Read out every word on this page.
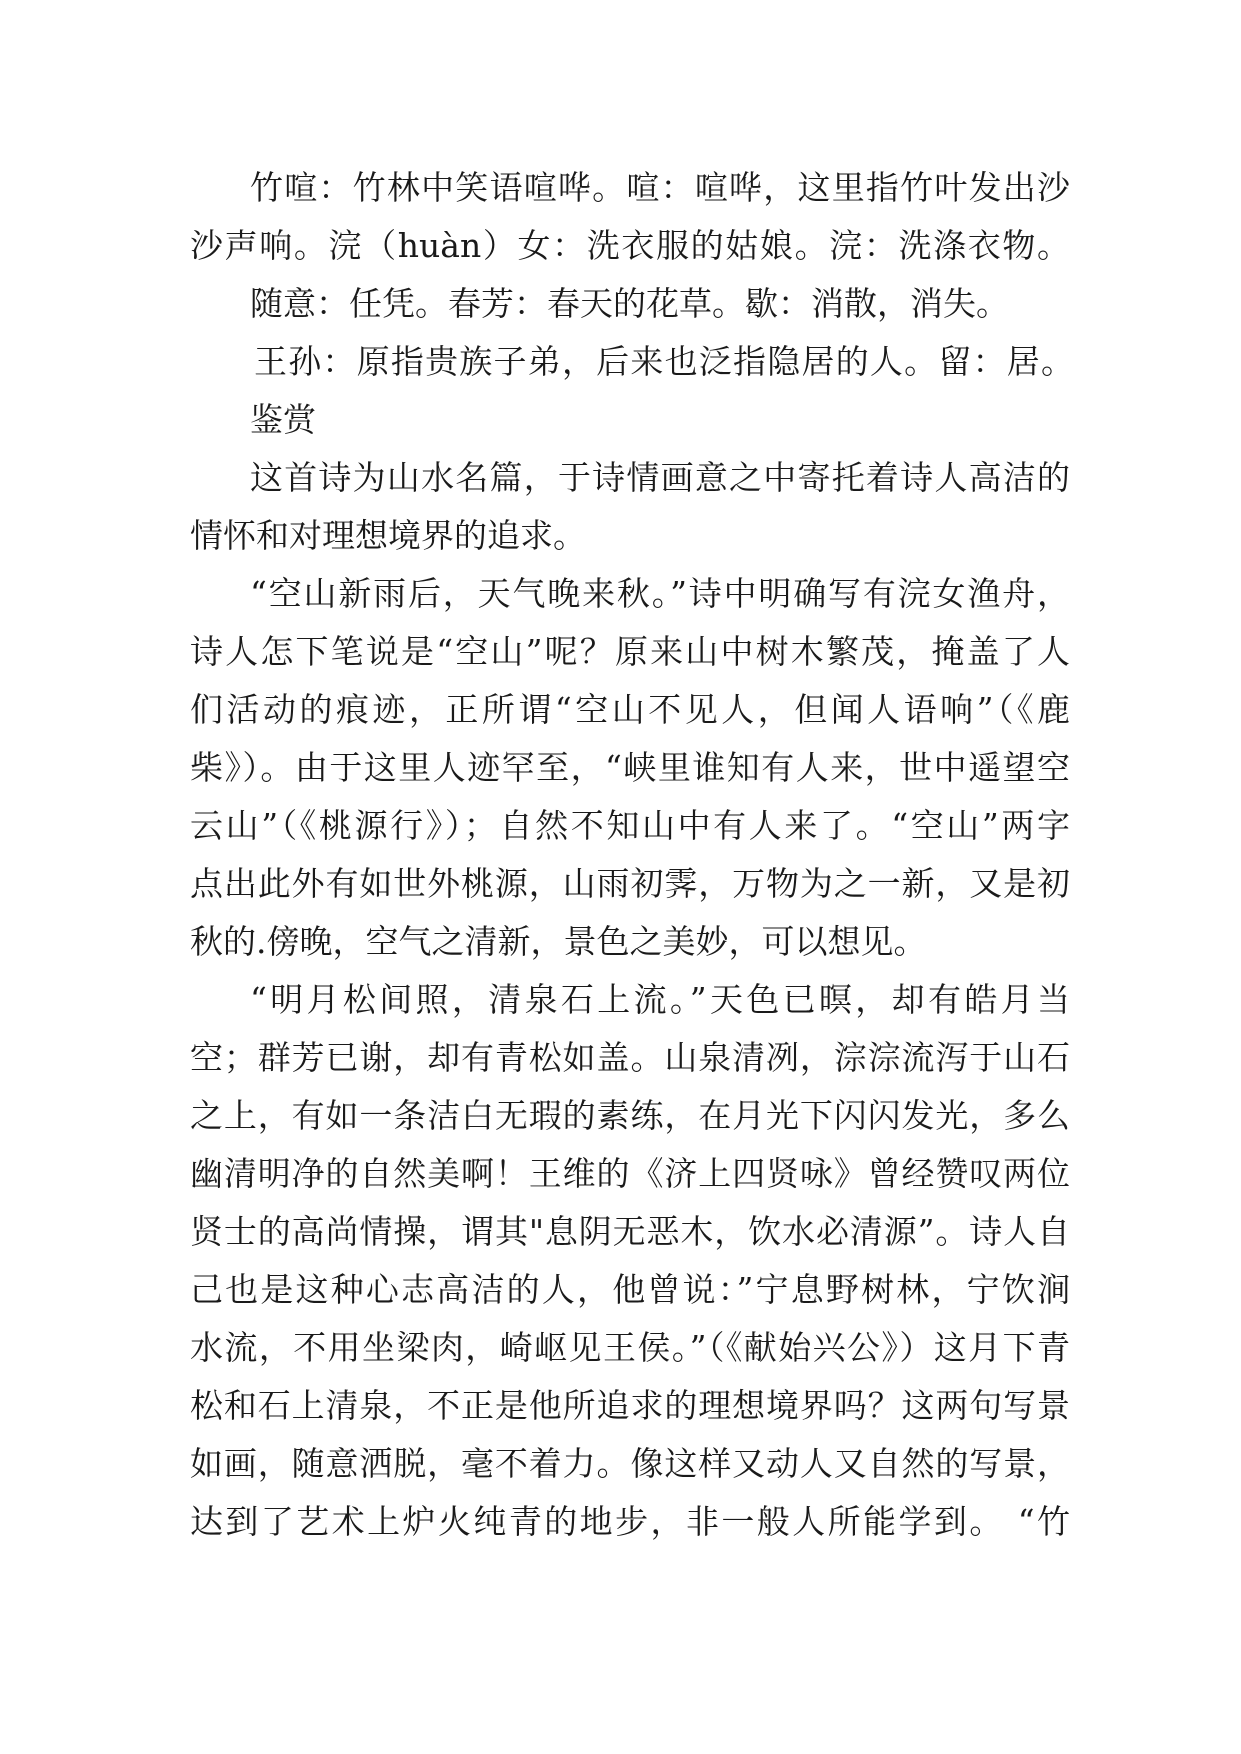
竹喧：竹林中笑语喧哗。喧：喧哗，这里指竹叶发出沙
沙声响。浣（huàn）女：洗衣服的姑娘。浣：洗涤衣物。
随意：任凭。春芳：春天的花草。歇：消散，消失。
王孙：原指贵族子弟，后来也泛指隐居的人。留：居。
鉴赏
这首诗为山水名篇，于诗情画意之中寄托着诗人高洁的
情怀和对理想境界的追求。
“空山新雨后，天气晚来秋。”诗中明确写有浣女渔舟，
诗人怎下笔说是“空山”呢？原来山中树木繁茂，掩盖了人
们活动的痕迹，正所谓“空山不见人，但闻人语响”（《鹿
柴》）。由于这里人迹罕至，“峡里谁知有人来，世中遥望空
云山”（《桃源行》）；自然不知山中有人来了。“空山”两字
点出此外有如世外桃源，山雨初霁，万物为之一新，又是初
秋的.傍晚，空气之清新，景色之美妙，可以想见。
“明月松间照，清泉石上流。”天色已暝，却有皓月当
空；群芳已谢，却有青松如盖。山泉清冽，淙淙流泻于山石
之上，有如一条洁白无瑕的素练，在月光下闪闪发光，多么
幽清明净的自然美啊！王维的《济上四贤咏》曾经赞叹两位
贤士的高尚情操，谓其"息阴无恶木，饮水必清源”。诗人自
己也是这种心志高洁的人，他曾说：”宁息野树林，宁饮涧
水流，不用坐梁肉，崎岖见王侯。”（《献始兴公》）这月下青
松和石上清泉，不正是他所追求的理想境界吗？这两句写景
如画，随意洒脱，毫不着力。像这样又动人又自然的写景，
达到了艺术上炉火纯青的地步，非一般人所能学到。 “竹
